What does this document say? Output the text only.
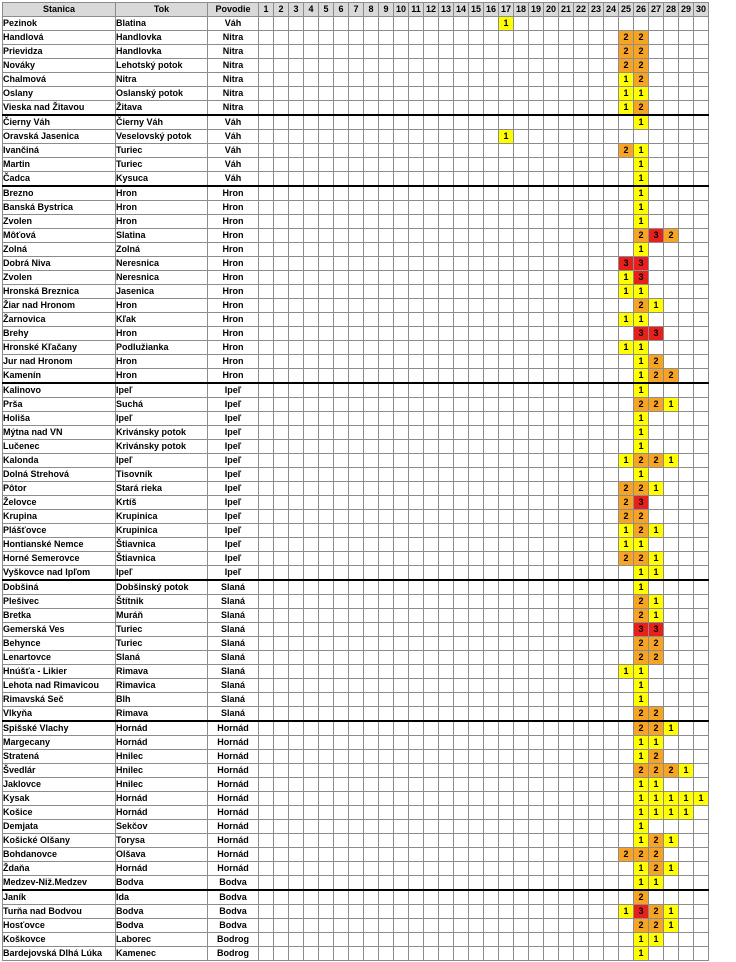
Stanica	Tok	Povodie	1	2	3	4	5	6	7	8	9	10	11	12	13	14	15	16	17	18	19	20	21	22	23	24	25	26	27	28	29	30
Pezinok	Blatina	Váh																	1													
Handlová	Handlovka	Nitra																									2	2				
Prievidza	Handlovka	Nitra																									2	2				
Nováky	Lehotský potok	Nitra																									2	2				
Chalmová	Nitra	Nitra																									1	2				
Oslany	Oslanský potok	Nitra																									1	1				
Vieska nad Žitavou	Žitava	Nitra																									1	2				
Čierny Váh	Čierny Váh	Váh																										1				
Oravská Jasenica	Veselovský potok	Váh																	1													
Ivančiná	Turiec	Váh																									2	1				
Martin	Turiec	Váh																										1				
Čadca	Kysuca	Váh																										1				
Brezno	Hron	Hron																										1				
Banská Bystrica	Hron	Hron																										1				
Zvolen	Hron	Hron																										1				
Môťová	Slatina	Hron																										2	3	2		
Zolná	Zolná	Hron																										1				
Dobrá Niva	Neresnica	Hron																									3	3				
Zvolen	Neresnica	Hron																									1	3				
Hronská Breznica	Jasenica	Hron																									1	1				
Žiar nad Hronom	Hron	Hron																										2	1			
Žarnovica	Kľak	Hron																									1	1				
Brehy	Hron	Hron																										3	3			
Hronské Kľačany	Podlužianka	Hron																									1	1				
Jur nad Hronom	Hron	Hron																										1	2			
Kamenín	Hron	Hron																										1	2	2		
Kalinovo	Ipeľ	Ipeľ																										1				
Prša	Suchá	Ipeľ																										2	2	1		
Holiša	Ipeľ	Ipeľ																										1				
Mýtna nad VN	Krivánsky potok	Ipeľ																										1				
Lučenec	Krivánsky potok	Ipeľ																										1				
Kalonda	Ipeľ	Ipeľ																									1	2	2	1		
Dolná Strehová	Tisovník	Ipeľ																										1				
Pôtor	Stará rieka	Ipeľ																									2	2	1			
Želovce	Krtíš	Ipeľ																									2	3				
Krupina	Krupinica	Ipeľ																									2	2				
Plášťovce	Krupinica	Ipeľ																									1	2	1			
Hontianské Nemce	Štiavnica	Ipeľ																									1	1				
Horné Semerovce	Štiavnica	Ipeľ																									2	2	1			
Vyškovce nad Ipľom	Ipeľ	Ipeľ																										1	1			
Dobšiná	Dobšinský potok	Slaná																										1				
Plešivec	Štítnik	Slaná																										2	1			
Bretka	Muráň	Slaná																										2	1			
Gemerská Ves	Turiec	Slaná																										3	3			
Behynce	Turiec	Slaná																										2	2			
Lenartovce	Slaná	Slaná																										2	2			
Hnúšťa - Likier	Rimava	Slaná																									1	1				
Lehota nad Rimavicou	Rimavica	Slaná																										1				
Rimavská Seč	Blh	Slaná																										1				
Vlkyňa	Rimava	Slaná																										2	2			
Spišské Vlachy	Hornád	Hornád																										2	2	1		
Margecany	Hornád	Hornád																										1	1			
Stratená	Hnilec	Hornád																										1	2			
Švedlár	Hnilec	Hornád																										2	2	2	1	
Jaklovce	Hnilec	Hornád																										1	1			
Kysak	Hornád	Hornád																										1	1	1	1	1
Košice	Hornád	Hornád																										1	1	1	1	
Demjata	Sekčov	Hornád																										1				
Košické Olšany	Torysa	Hornád																										1	2	1		
Bohdanovce	Olšava	Hornád																									2	2	2			
Ždaňa	Hornád	Hornád																										1	2	1		
Medzev-Niž.Medzev	Bodva	Bodva																										1	1			
Janík	Ida	Bodva																										2				
Turňa nad Bodvou	Bodva	Bodva																									1	3	2	1		
Hosťovce	Bodva	Bodva																										2	2	1		
Koškovce	Laborec	Bodrog																										1	1			
Bardejovská Dlhá Lúka	Kamenec	Bodrog																										1				
